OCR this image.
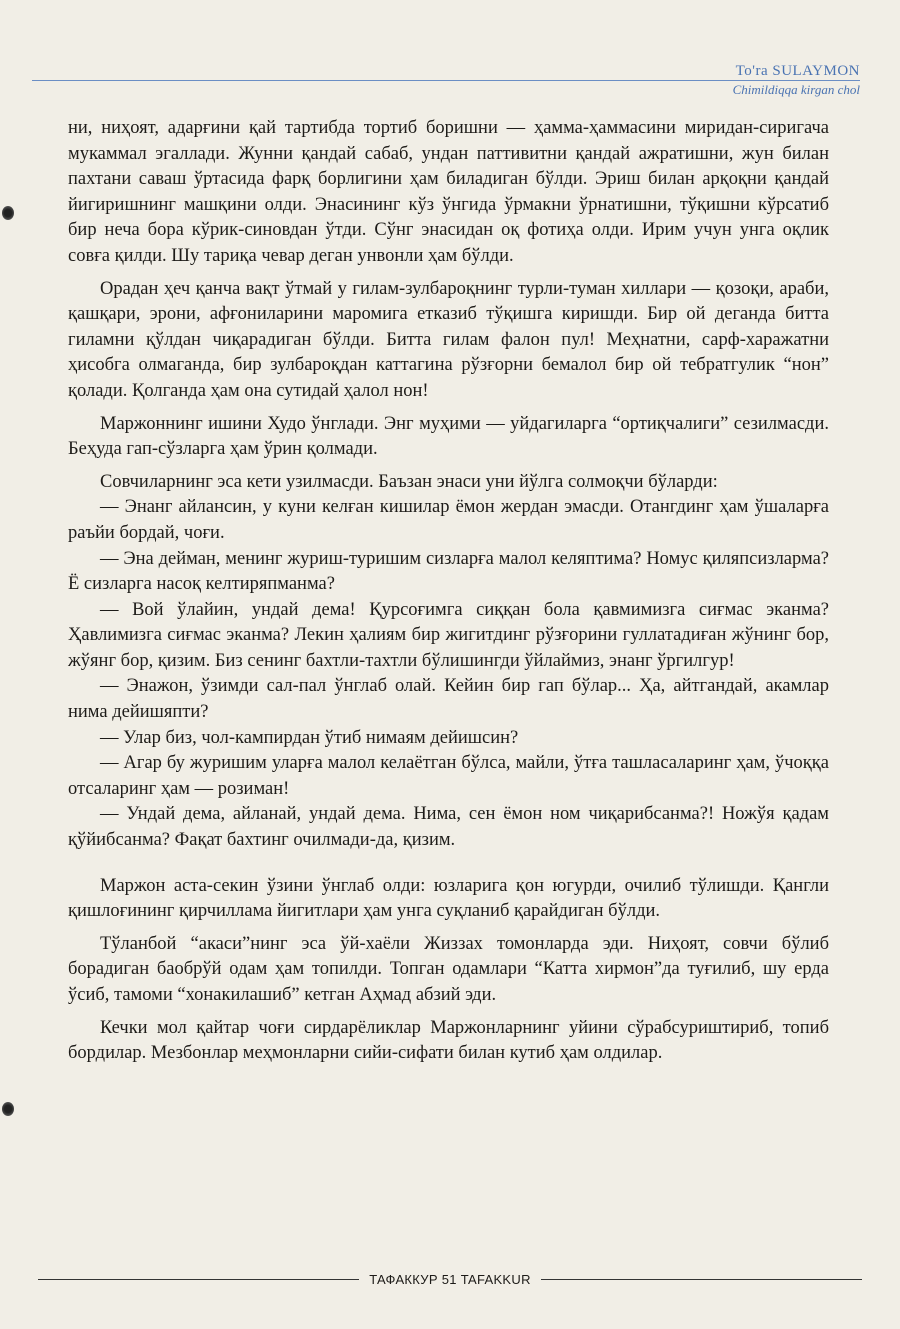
To'ra SULAYMON
Chimildiqqa kirgan chol

ни, ниҳоят, адарғини қай тартибда тортиб боришни — ҳамма-ҳаммасини миридан-сиригача мукаммал эгаллади. Жунни қандай сабаб, ундан паттивитни қандай ажратишни, жун билан пахтани саваш ўртасида фарқ борлигини ҳам биладиган бўлди. Эриш билан арқоқни қандай йигиришнинг машқини олди. Энасининг кўз ўнгида ўрмакни ўрнатишни, тўқишни кўрсатиб бир неча бора кўрик-синовдан ўтди. Сўнг энасидан оқ фотиҳа олди. Ирим учун унга оқлик совға қилди. Шу тариқа чевар деган унвонли ҳам бўлди.

Орадан ҳеч қанча вақт ўтмай у гилам-зулбароқнинг турли-туман хиллари — қозоқи, араби, қашқари, эрони, афғониларини маромига етказиб тўқишга киришди. Бир ой деганда битта гиламни қўлдан чиқарадиган бўлди. Битта гилам фалон пул! Меҳнатни, сарф-харажатни ҳисобга олмаганда, бир зулбароқдан каттагина рўзғорни бемалол бир ой тебратгулик “нон” қолади. Қолганда ҳам она сутидай ҳалол нон!

Маржоннинг ишини Худо ўнглади. Энг муҳими — уйдагиларга “ортиқчалиги” сезилмасди. Беҳуда гап-сўзларга ҳам ўрин қолмади.

Совчиларнинг эса кети узилмасди. Баъзан энаси уни йўлга солмоқчи бўларди:

— Энанг айлансин, у куни келған кишилар ёмон жердан эмасди. Отангдинг ҳам ўшаларға раъйи бордай, чоғи.

— Эна дейман, менинг журиш-туришим сизларға малол келяптима? Номус қиляпсизларма? Ё сизларга насоқ келтиряпманма?

— Вой ўлайин, ундай дема! Қурсоғимга сиққан бола қавмимизга сиғмас эканма? Ҳавлимизга сиғмас эканма? Лекин ҳалиям бир жигитдинг рўзғорини гуллатадиған жўнинг бор, жўянг бор, қизим. Биз сенинг бахтли-тахтли бўлишингди ўйлаймиз, энанг ўргилгур!

— Энажон, ўзимди сал-пал ўнглаб олай. Кейин бир гап бўлар... Ҳа, айтгандай, акамлар нима дейишяпти?

— Улар биз, чол-кампирдан ўтиб нимаям дейишсин?

— Агар бу журишим уларға малол келаётган бўлса, майли, ўтға ташласаларинг ҳам, ўчоққа отсаларинг ҳам — розиман!

— Ундай дема, айланай, ундай дема. Нима, сен ёмон ном чиқарибсанма?! Ножўя қадам қўйибсанма? Фақат бахтинг очилмади-да, қизим.

Маржон аста-секин ўзини ўнглаб олди: юзларига қон югурди, очилиб тўлишди. Қангли қишлоғининг қирчиллама йигитлари ҳам унга суқланиб қарайдиган бўлди.

Тўланбой “акаси”нинг эса ўй-хаёли Жиззах томонларда эди. Ниҳоят, совчи бўлиб борадиган баобрўй одам ҳам топилди. Топган одамлари “Катта хирмон”да туғилиб, шу ерда ўсиб, тамоми “хонакилашиб” кетган Аҳмад абзий эди.

Кечки мол қайтар чоғи сирдарёликлар Маржонларнинг уйини сўрабсуриштириб, топиб бордилар. Мезбонлар меҳмонларни сийи-сифати билан кутиб ҳам олдилар.

ТАФАККУР 51 TAFAKKUR
